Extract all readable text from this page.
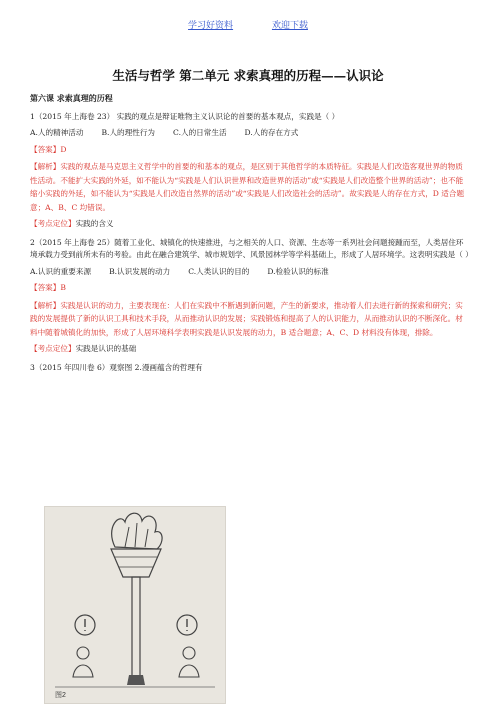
学习好资料	欢迎下载
生活与哲学 第二单元 求索真理的历程——认识论
第六课 求索真理的历程
1（2015 年上海卷 23） 实践的观点是辩证唯物主义认识论的首要的基本观点，实践是（ ）
A.人的精神活动 B.人的理性行为 C.人的日常生活 D.人的存在方式
【答案】D
【解析】实践的观点是马克思主义哲学中的首要的和基本的观点，是区别于其他哲学的本质特征。实践是人们改造客观世界的物质性活动。不能扩大实践的外延，如不能认为“实践是人们认识世界和改造世界的活动”或“实践是人们改造整个世界的活动”；也不能缩小实践的外延，如不能认为“实践是人们改造自然界的活动”或“实践是人们改造社会的活动”。故实践是人的存在方式，D 适合题意；A、B、C 均错误。
【考点定位】实践的含义
2（2015 年上海卷 25）随着工业化、城镇化的快速推进，与之相关的人口、资源、生态等一系列社会问题接踵而至，人类居住环境承载力受到前所未有的考验。由此在融合建筑学、城市规划学、风景园林学等学科基础上，形成了人居环境学。这表明实践是（ ）
A.认识的重要来源 B.认识发展的动力 C.人类认识的目的 D.检验认识的标准
【答案】B
【解析】实践是认识的动力，主要表现在：人们在实践中不断遇到新问题，产生的新要求，推动着人们去进行新的探索和研究；实践的发展提供了新的认识工具和技术手段，从而推动认识的发展；实践锻炼和提高了人的认识能力，从而推动认识的不断深化。材料中随着城镇化的加快，形成了人居环境科学表明实践是认识发展的动力，B 适合题意；A、C、D 材料没有体现，排除。
【考点定位】实践是认识的基础
3（2015 年四川卷 6）观察图 2.漫画蕴含的哲理有
图2
